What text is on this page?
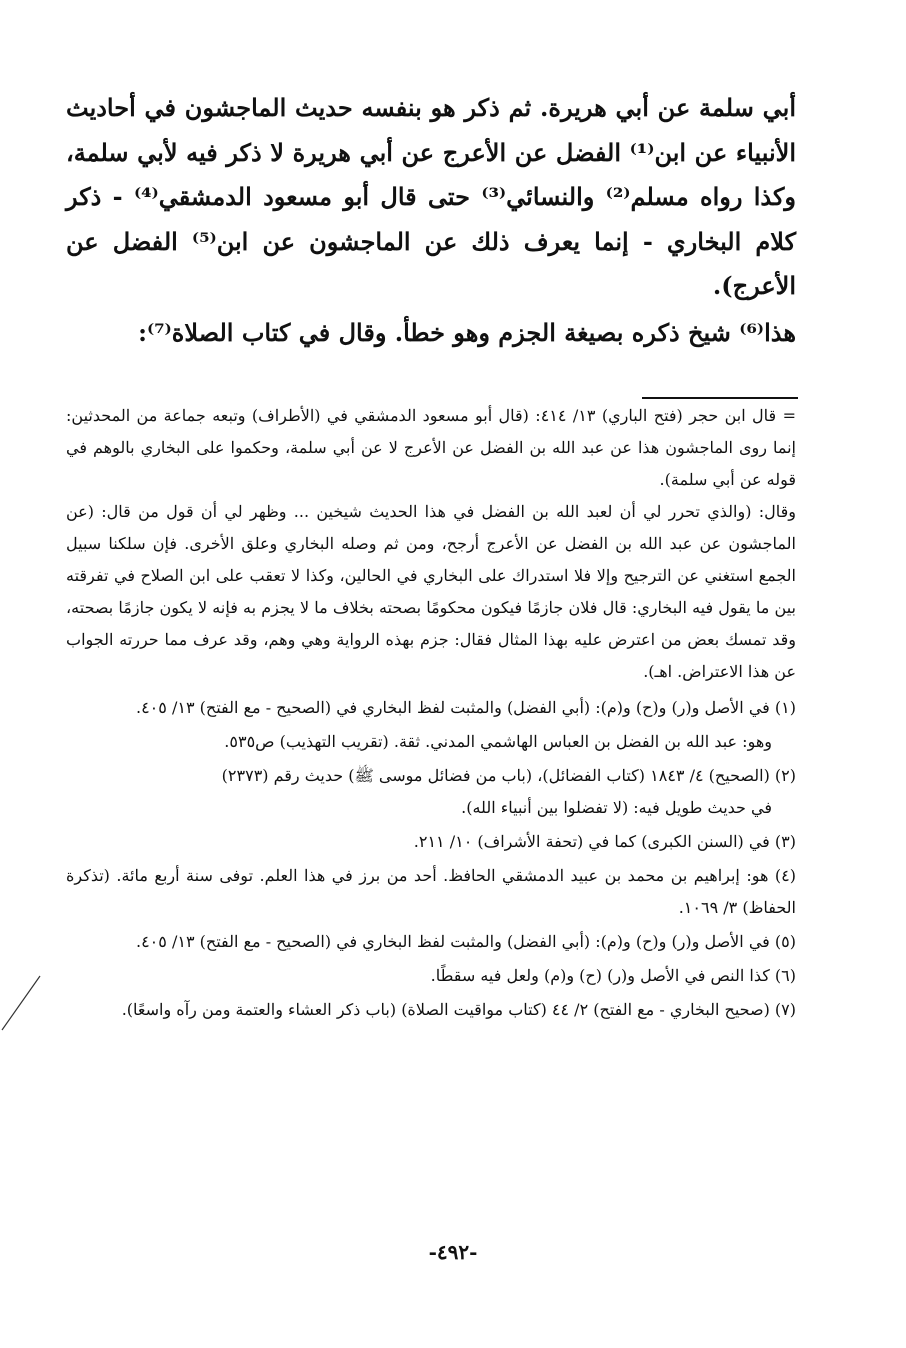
أبي سلمة عن أبي هريرة. ثم ذكر هو بنفسه حديث الماجشون في أحاديث الأنبياء عن ابن⁽¹⁾ الفضل عن الأعرج عن أبي هريرة لا ذكر فيه لأبي سلمة، وكذا رواه مسلم⁽²⁾ والنسائي⁽³⁾ حتى قال أبو مسعود الدمشقي⁽⁴⁾ - ذكر كلام البخاري - إنما يعرف ذلك عن الماجشون عن ابن⁽⁵⁾ الفضل عن الأعرج).

هذا⁽⁶⁾ شيخ ذكره بصيغة الجزم وهو خطأ. وقال في كتاب الصلاة⁽⁷⁾:

= قال ابن حجر (فتح الباري) ١٣/ ٤١٤: (قال أبو مسعود الدمشقي في (الأطراف) وتبعه جماعة من المحدثين: إنما روى الماجشون هذا عن عبد الله بن الفضل عن الأعرج لا عن أبي سلمة، وحكموا على البخاري بالوهم في قوله عن أبي سلمة).

وقال: (والذي تحرر لي أن لعبد الله بن الفضل في هذا الحديث شيخين ... وظهر لي أن قول من قال: (عن الماجشون عن عبد الله بن الفضل عن الأعرج أرجح، ومن ثم وصله البخاري وعلق الأخرى. فإن سلكنا سبيل الجمع استغني عن الترجيح وإلا فلا استدراك على البخاري في الحالين، وكذا لا تعقب على ابن الصلاح في تفرقته بين ما يقول فيه البخاري: قال فلان جازمًا فيكون محكومًا بصحته بخلاف ما لا يجزم به فإنه لا يكون جازمًا بصحته، وقد تمسك بعض من اعترض عليه بهذا المثال فقال: جزم بهذه الرواية وهي وهم، وقد عرف مما حررته الجواب عن هذا الاعتراض. اهـ).

(١) في الأصل و(ر) و(ح) و(م): (أبي الفضل) والمثبت لفظ البخاري في (الصحيح - مع الفتح) ١٣/ ٤٠٥.

وهو: عبد الله بن الفضل بن العباس الهاشمي المدني. ثقة. (تقريب التهذيب) ص٥٣٥.

(٢) (الصحيح) ٤/ ١٨٤٣ (كتاب الفضائل)، (باب من فضائل موسى ﷺ) حديث رقم (٢٣٧٣)

في حديث طويل فيه: (لا تفضلوا بين أنبياء الله).

(٣) في (السنن الكبرى) كما في (تحفة الأشراف) ١٠/ ٢١١.

(٤) هو: إبراهيم بن محمد بن عبيد الدمشقي الحافظ. أحد من برز في هذا العلم. توفى سنة أربع مائة. (تذكرة الحفاظ) ٣/ ١٠٦٩.

(٥) في الأصل و(ر) و(ح) و(م): (أبي الفضل) والمثبت لفظ البخاري في (الصحيح - مع الفتح) ١٣/ ٤٠٥.

(٦) كذا النص في الأصل و(ر) (ح) و(م) ولعل فيه سقطًا.

(٧) (صحيح البخاري - مع الفتح) ٢/ ٤٤ (كتاب مواقيت الصلاة) (باب ذكر العشاء والعتمة ومن رآه واسعًا).

-٤٩٢-
